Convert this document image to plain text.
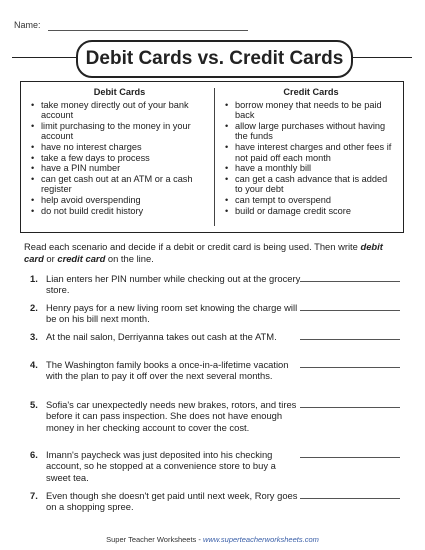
Name:
Debit Cards vs. Credit Cards
Debit Cards
• take money directly out of your bank account
• limit purchasing to the money in your account
• have no interest charges
• take a few days to process
• have a PIN number
• can get cash out at an ATM or a cash register
• help avoid overspending
• do not build credit history
Credit Cards
• borrow money that needs to be paid back
• allow large purchases without having the funds
• have interest charges and other fees if not paid off each month
• have a monthly bill
• can get a cash advance that is added to your debt
• can tempt to overspend
• build or damage credit score
Read each scenario and decide if a debit or credit card is being used. Then write debit card or credit card on the line.
1. Lian enters her PIN number while checking out at the grocery store.
2. Henry pays for a new living room set knowing the charge will be on his bill next month.
3. At the nail salon, Derriyanna takes out cash at the ATM.
4. The Washington family books a once-in-a-lifetime vacation with the plan to pay it off over the next several months.
5. Sofia's car unexpectedly needs new brakes, rotors, and tires before it can pass inspection. She does not have enough money in her checking account to cover the cost.
6. Imann's paycheck was just deposited into his checking account, so he stopped at a convenience store to buy a sweet tea.
7. Even though she doesn't get paid until next week, Rory goes on a shopping spree.
Super Teacher Worksheets - www.superteacherworksheets.com
